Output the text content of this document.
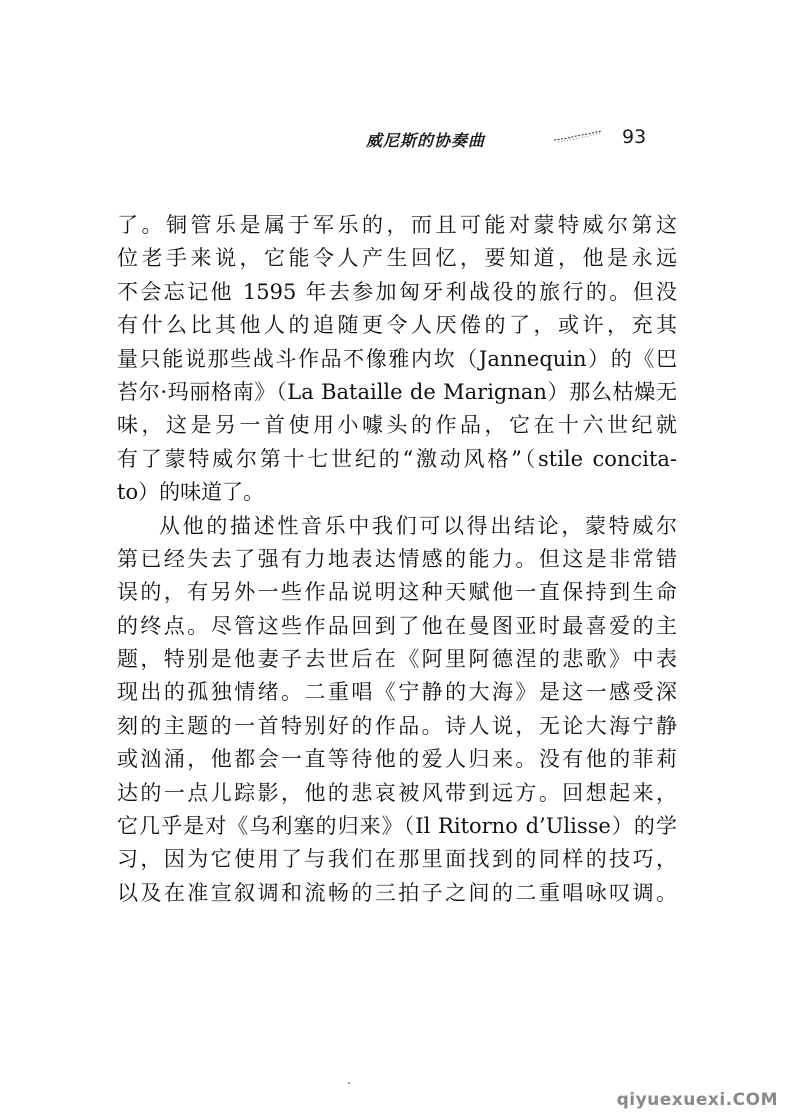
威尼斯的协奏曲	93
了。铜管乐是属于军乐的，而且可能对蒙特威尔第这
位老手来说，它能令人产生回忆，要知道，他是永远
不会忘记他 1595 年去参加匈牙利战役的旅行的。但没
有什么比其他人的追随更令人厌倦的了，或许，充其
量只能说那些战斗作品不像雅内坎（Jannequin）的《巴
苔尔·玛丽格南》（La Bataille de Marignan）那么枯燥无
味，这是另一首使用小噱头的作品，它在十六世纪就
有了蒙特威尔第十七世纪的“激动风格”（stile concita-
to）的味道了。
从他的描述性音乐中我们可以得出结论，蒙特威尔
第已经失去了强有力地表达情感的能力。但这是非常错
误的，有另外一些作品说明这种天赋他一直保持到生命
的终点。尽管这些作品回到了他在曼图亚时最喜爱的主
题，特别是他妻子去世后在《阿里阿德涅的悲歌》中表
现出的孤独情绪。二重唱《宁静的大海》是这一感受深
刻的主题的一首特别好的作品。诗人说，无论大海宁静
或汹涌，他都会一直等待他的爱人归来。没有他的菲莉
达的一点儿踪影，他的悲哀被风带到远方。回想起来，
它几乎是对《乌利塞的归来》（Il Ritorno d’Ulisse）的学
习，因为它使用了与我们在那里面找到的同样的技巧，
以及在准宣叙调和流畅的三拍子之间的二重唱咏叹调。
qiyuexuexi.COM
